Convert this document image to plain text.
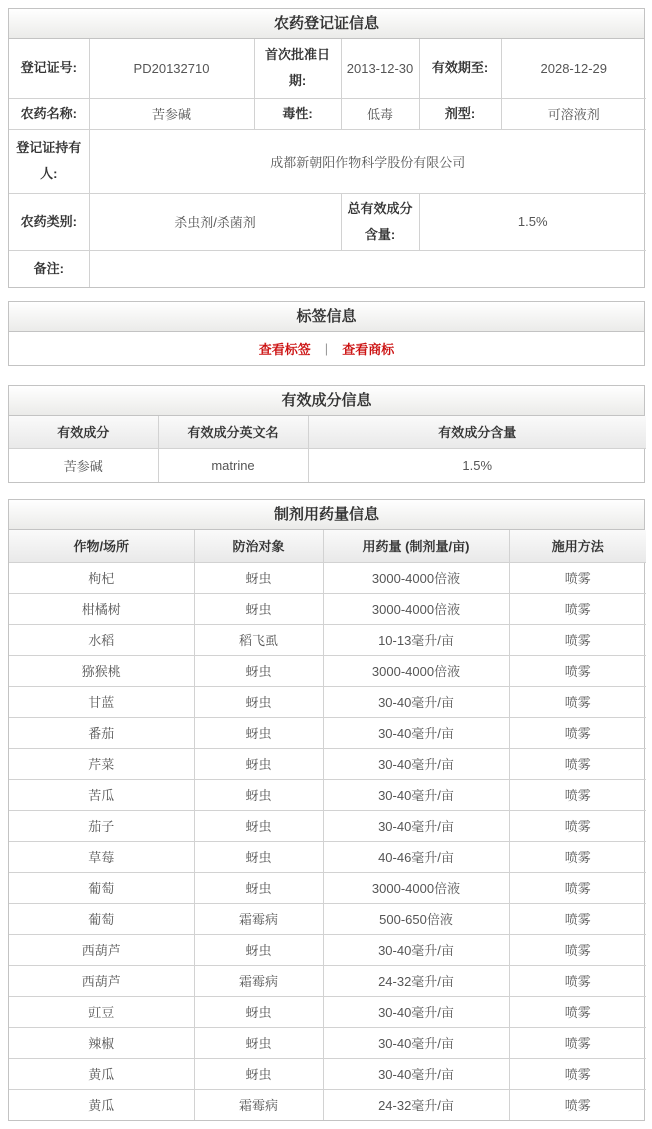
农药登记证信息
登记证号:	PD20132710	首次批准日期:	2013-12-30	有效期至:	2028-12-29
农药名称:	苦参碱	毒性:	低毒	剂型:	可溶液剂
登记证持有人:	成都新朝阳作物科学股份有限公司				
农药类别:	杀虫剂/杀菌剂		总有效成分含量:	1.5%	
备注:					
标签信息
查看标签 | 查看商标
有效成分信息
有效成分	有效成分英文名	有效成分含量
苦参碱	matrine	1.5%
制剂用药量信息
作物/场所	防治对象	用药量 (制剂量/亩)	施用方法
枸杞	蚜虫	3000-4000倍液	喷雾
柑橘树	蚜虫	3000-4000倍液	喷雾
水稻	稻飞虱	10-13毫升/亩	喷雾
猕猴桃	蚜虫	3000-4000倍液	喷雾
甘蓝	蚜虫	30-40毫升/亩	喷雾
番茄	蚜虫	30-40毫升/亩	喷雾
芹菜	蚜虫	30-40毫升/亩	喷雾
苦瓜	蚜虫	30-40毫升/亩	喷雾
茄子	蚜虫	30-40毫升/亩	喷雾
草莓	蚜虫	40-46毫升/亩	喷雾
葡萄	蚜虫	3000-4000倍液	喷雾
葡萄	霜霉病	500-650倍液	喷雾
西葫芦	蚜虫	30-40毫升/亩	喷雾
西葫芦	霜霉病	24-32毫升/亩	喷雾
豇豆	蚜虫	30-40毫升/亩	喷雾
辣椒	蚜虫	30-40毫升/亩	喷雾
黄瓜	蚜虫	30-40毫升/亩	喷雾
黄瓜	霜霉病	24-32毫升/亩	喷雾
